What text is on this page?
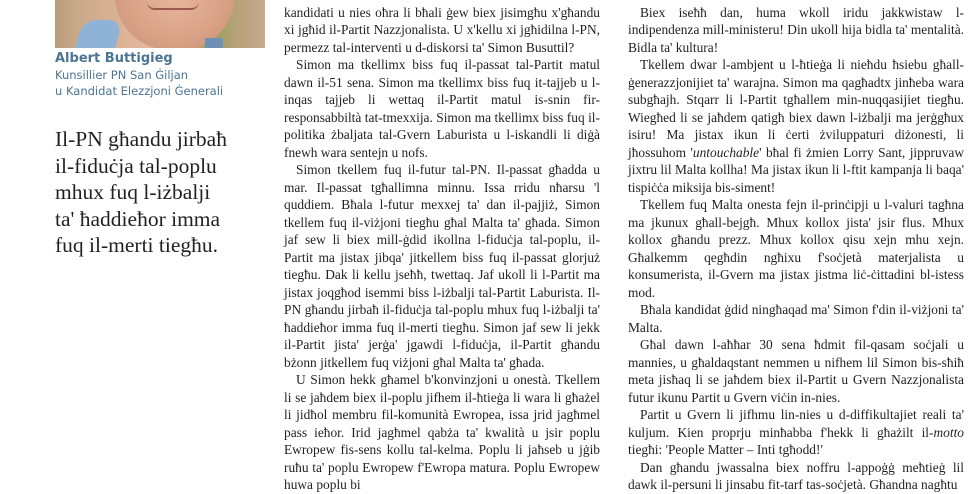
Albert Buttigieg
Kunsillier PN San Ġiljan
u Kandidat Elezzjoni Ġenerali
Il-PN għandu jirbaħ
il-fiduċja tal-poplu
mhux fuq l-iżbalji
ta' ħaddieħor imma
fuq il-merti tiegħu.

kandidati u nies oħra li bħali ġew biex jisimgħu x'għandu xi jgħid il-Partit Nazzjonalista. U x'kellu xi jgħidilna l-PN, permezz tal-interventi u d-diskorsi ta' Simon Busuttil?

Simon ma tkellimx biss fuq il-passat tal-Partit matul dawn il-51 sena. Simon ma tkellimx biss fuq it-tajjeb u l-inqas tajjeb li wettaq il-Partit matul is-snin fir-responsabbiltà tat-tmexxija. Simon ma tkellimx biss fuq il-politika żbaljata tal-Gvern Laburista u l-iskandli li diġà fnewh wara sentejn u nofs.

Simon tkellem fuq il-futur tal-PN. Il-passat għadda u mar. Il-passat tgħallimna minnu. Issa rridu nħarsu 'l quddiem. Bħala l-futur mexxej ta' dan il-pajjiż, Simon tkellem fuq il-viżjoni tiegħu għal Malta ta' għada. Simon jaf sew li biex mill-ġdid ikollna l-fiduċja tal-poplu, il-Partit ma jistax jibqa' jitkellem biss fuq il-passat glorjuż tiegħu. Dak li kellu jseħħ, twettaq. Jaf ukoll li l-Partit ma jistax joqgħod isemmi biss l-iżbalji tal-Partit Laburista. Il-PN għandu jirbaħ il-fiduċja tal-poplu mhux fuq l-iżbalji ta' ħaddieħor imma fuq il-merti tiegħu. Simon jaf sew li jekk il-Partit jista' jerġa' jgawdi l-fiduċja, il-Partit għandu bżonn jitkellem fuq viżjoni għal Malta ta' għada.

U Simon hekk għamel b'konvinzjoni u onestà. Tkellem li se jaħdem biex il-poplu jifhem il-ħtieġa li wara li għażel li jidħol membru fil-komunità Ewropea, issa jrid jagħmel pass ieħor. Irid jagħmel qabża ta' kwalità u jsir poplu Ewropew fis-sens kollu tal-kelma. Poplu li jaħseb u jġib ruħu ta' poplu Ewropew f'Ewropa matura. Poplu Ewropew huwa poplu bi

Biex iseħħ dan, huma wkoll iridu jakkwistaw l-indipendenza mill-ministeru! Din ukoll hija bidla ta' mentalità. Bidla ta' kultura!

Tkellem dwar l-ambjent u l-ħtieġa li nieħdu ħsiebu għall-ġenerazzjonijiet ta' warajna. Simon ma qagħadtx jinħeba wara subgħajh. Stqarr li l-Partit tgħallem min-nuqqasijiet tiegħu. Wiegħed li se jaħdem qatigħ biex dawn l-iżbalji ma jerġgħux isiru! Ma jistax ikun li ċerti żviluppaturi diżonesti, li jħossuhom 'untouchable' bħal fi żmien Lorry Sant, jippruvaw jixtru lil Malta kollha! Ma jistax ikun li l-ftit kampanja li baqa' tispiċċa miksija bis-siment!

Tkellem fuq Malta onesta fejn il-prinċipji u l-valuri tagħna ma jkunux għall-bejgħ. Mhux kollox jista' jsir flus. Mhux kollox għandu prezz. Mhux kollox qisu xejn mhu xejn. Għalkemm qegħdin ngħixu f'soċjetà materjalista u konsumerista, il-Gvern ma jistax jistma liċ-ċittadini bl-istess mod.

Bħala kandidat ġdid ningħaqad ma' Simon f'din il-viżjoni ta' Malta.

Għal dawn l-aħħar 30 sena ħdmit fil-qasam soċjali u mannies, u għaldaqstant nemmen u nifhem lil Simon bis-sħiħ meta jisħaq li se jaħdem biex il-Partit u Gvern Nazzjonalista futur ikunu Partit u Gvern viċin in-nies.

Partit u Gvern li jifhmu lin-nies u d-diffikultajiet reali ta' kuljum. Kien proprju minħabba f'hekk li għażilt il-motto tiegħi: 'People Matter – Inti tgħodd!'

Dan għandu jwassalna biex noffru l-appoġġ meħtieġ lil dawk il-persuni li jinsabu fit-tarf tas-soċjetà. Għandna nagħtu
